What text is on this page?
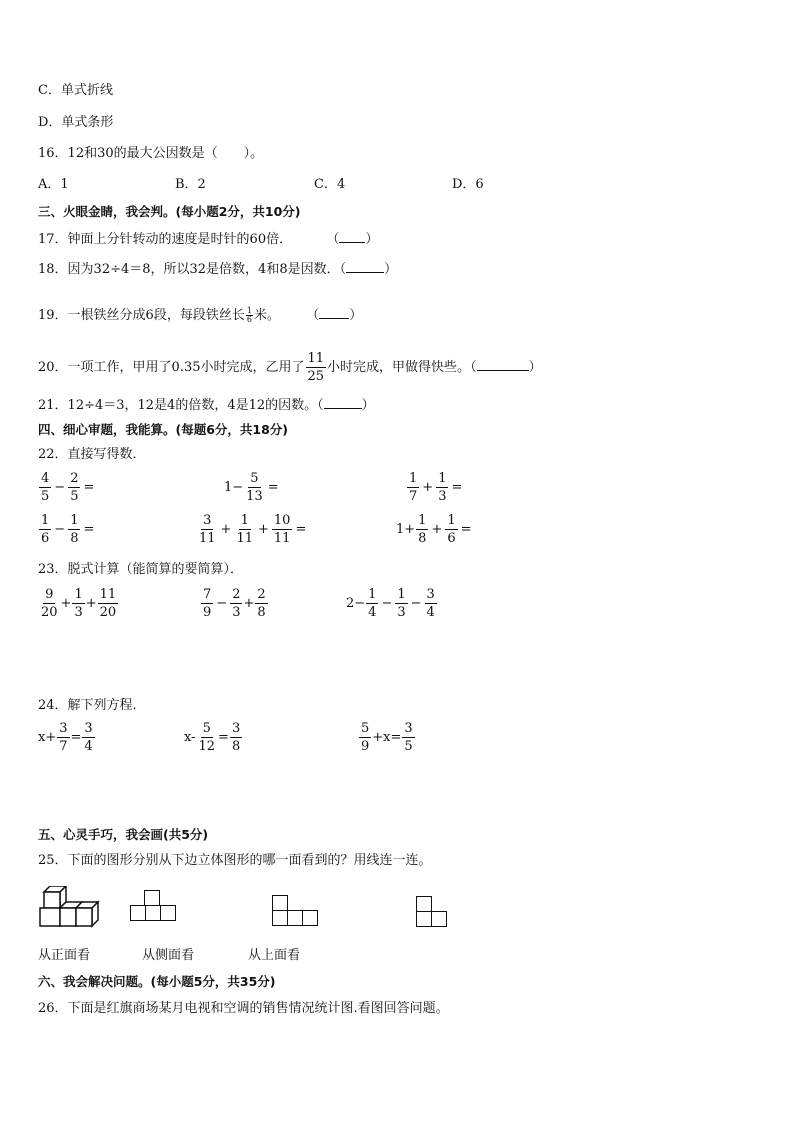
C．单式折线
D．单式条形
16．12和30的最大公因数是（　　）。
A．1	B．2	C．4	D．6
三、火眼金睛，我会判。(每小题2分，共10分)
17．钟面上分针转动的速度是时针的60倍．	（ ）
18．因为32÷4＝8，所以32是倍数，4和8是因数．（	）
19．一根铁丝分成6段，每段铁丝长 $\frac{1}{6}$ 米。 （ ）
20．一项工作，甲用了0.35小时完成，乙用了 $\frac{11}{25}$ 小时完成，甲做得快些。（	）
21．12÷4＝3，12是4的倍数，4是12的因数。（	）
四、细心审题，我能算。(每题6分，共18分)
22．直接写得数．
$\frac{4}{5} - \frac{2}{5}$ =	$1- \frac{5}{13}$ =	$\frac{1}{7} + \frac{1}{3}$ =
$\frac{1}{6} - \frac{1}{8}$ =	$\frac{3}{11} + \frac{1}{11} + \frac{10}{11}$ =	$1+ \frac{1}{8} + \frac{1}{6}$ =
23．脱式计算（能简算的要简算）．
$\frac{9}{20} + \frac{1}{3} + \frac{11}{20}$	$\frac{7}{9} - \frac{2}{3} + \frac{2}{8}$	$2- \frac{1}{4} - \frac{1}{3} - \frac{3}{4}$
24．解下列方程．
$x+ \frac{3}{7} = \frac{3}{4}$	$x- \frac{5}{12} = \frac{3}{8}$	$\frac{5}{9} +x= \frac{3}{5}$
五、心灵手巧，我会画(共5分)
25．下面的图形分别从下边立体图形的哪一面看到的？用线连一连。
从正面看	从侧面看	从上面看
六、我会解决问题。(每小题5分，共35分)
26．下面是红旗商场某月电视和空调的销售情况统计图.看图回答问题。
